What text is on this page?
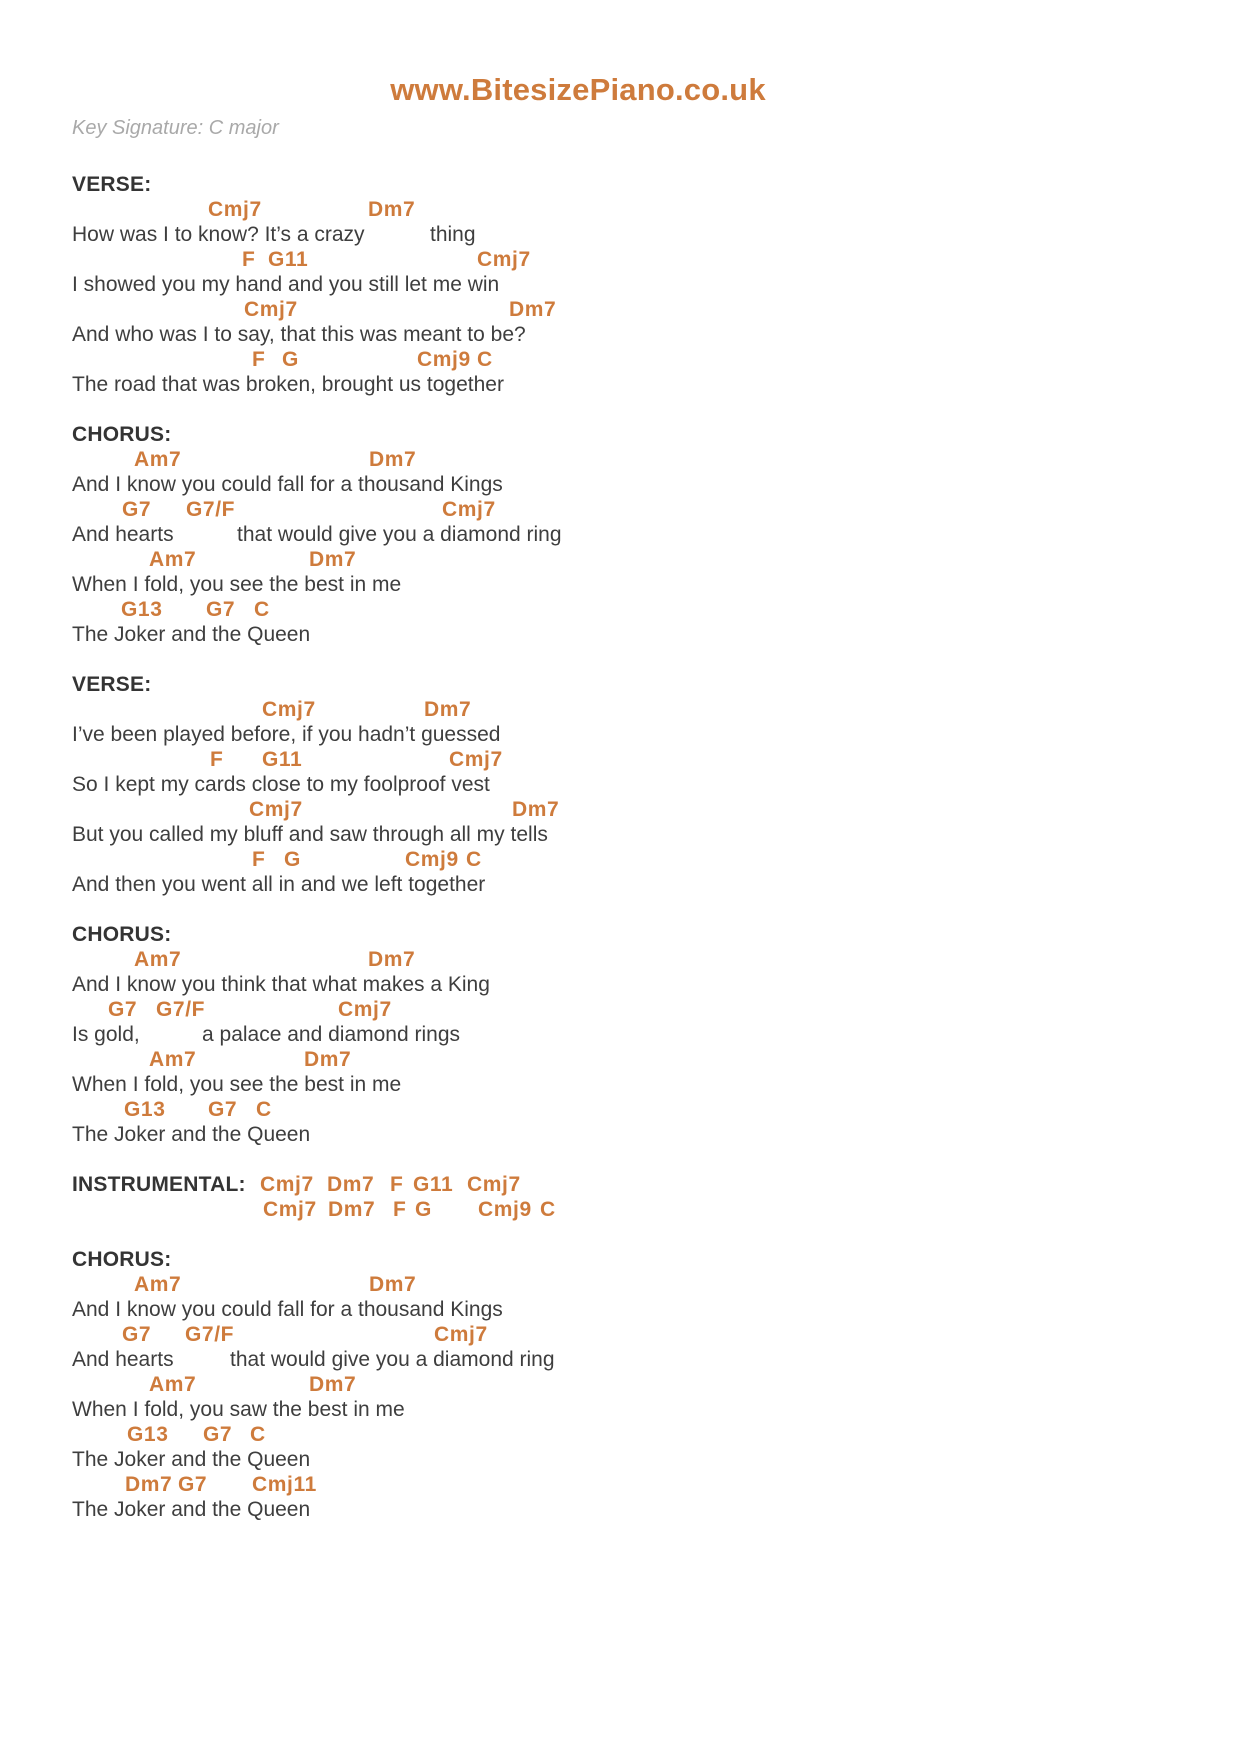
www.BitesizePiano.co.uk
Key Signature: C major
VERSE:
Cmj7	Dm7
How was I to know? It’s a crazy	thing
F G11	Cmj7
I showed you my hand and you still let me win
Cmj7	Dm7
And who was I to say, that this was meant to be?
F G	Cmj9 C
The road that was broken, brought us together
CHORUS:
Am7	Dm7
And I know you could fall for a thousand Kings
G7 G7/F	Cmj7
And hearts	that would give you a diamond ring
Am7	Dm7
When I fold, you see the best in me
G13 G7 C
The Joker and the Queen
VERSE:
Cmj7	Dm7
I’ve been played before, if you hadn’t guessed
F G11	Cmj7
So I kept my cards close to my foolproof vest
Cmj7	Dm7
But you called my bluff and saw through all my tells
F G	Cmj9 C
And then you went all in and we left together
CHORUS:
Am7	Dm7
And I know you think that what makes a King
G7 G7/F	Cmj7
Is gold,	a palace and diamond rings
Am7	Dm7
When I fold, you see the best in me
G13 G7 C
The Joker and the Queen
INSTRUMENTAL: Cmj7 Dm7 F G11 Cmj7
Cmj7 Dm7 F G Cmj9 C
CHORUS:
Am7	Dm7
And I know you could fall for a thousand Kings
G7 G7/F	Cmj7
And hearts	that would give you a diamond ring
Am7	Dm7
When I fold, you saw the best in me
G13 G7 C
The Joker and the Queen
Dm7 G7 Cmj11
The Joker and the Queen
